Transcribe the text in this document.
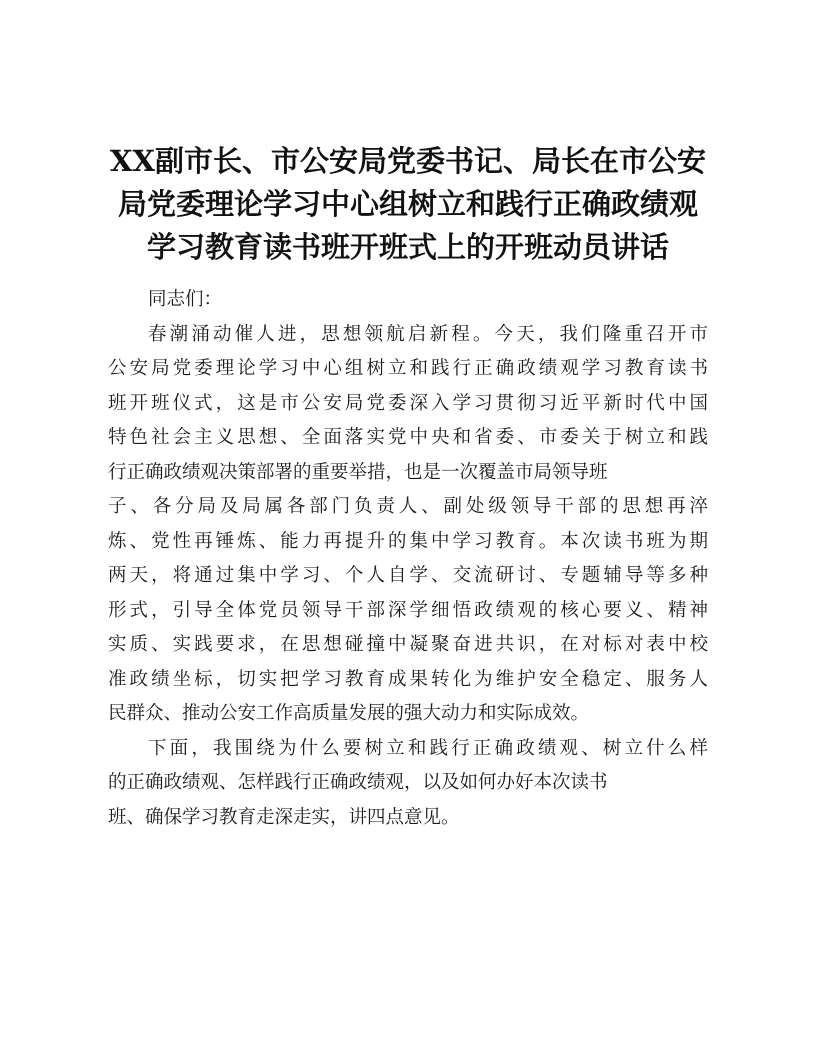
XX副市长、市公安局党委书记、局长在市公安
局党委理论学习中心组树立和践行正确政绩观
学习教育读书班开班式上的开班动员讲话

同志们：

春潮涌动催人进，思想领航启新程。今天，我们隆重召开市
公安局党委理论学习中心组树立和践行正确政绩观学习教育读书
班开班仪式，这是市公安局党委深入学习贯彻习近平新时代中国
特色社会主义思想、全面落实党中央和省委、市委关于树立和践
行正确政绩观决策部署的重要举措，也是一次覆盖市局领导班
子、各分局及局属各部门负责人、副处级领导干部的思想再淬
炼、党性再锤炼、能力再提升的集中学习教育。本次读书班为期
两天，将通过集中学习、个人自学、交流研讨、专题辅导等多种
形式，引导全体党员领导干部深学细悟政绩观的核心要义、精神
实质、实践要求，在思想碰撞中凝聚奋进共识，在对标对表中校
准政绩坐标，切实把学习教育成果转化为维护安全稳定、服务人
民群众、推动公安工作高质量发展的强大动力和实际成效。

下面，我围绕为什么要树立和践行正确政绩观、树立什么样
的正确政绩观、怎样践行正确政绩观，以及如何办好本次读书
班、确保学习教育走深走实，讲四点意见。
